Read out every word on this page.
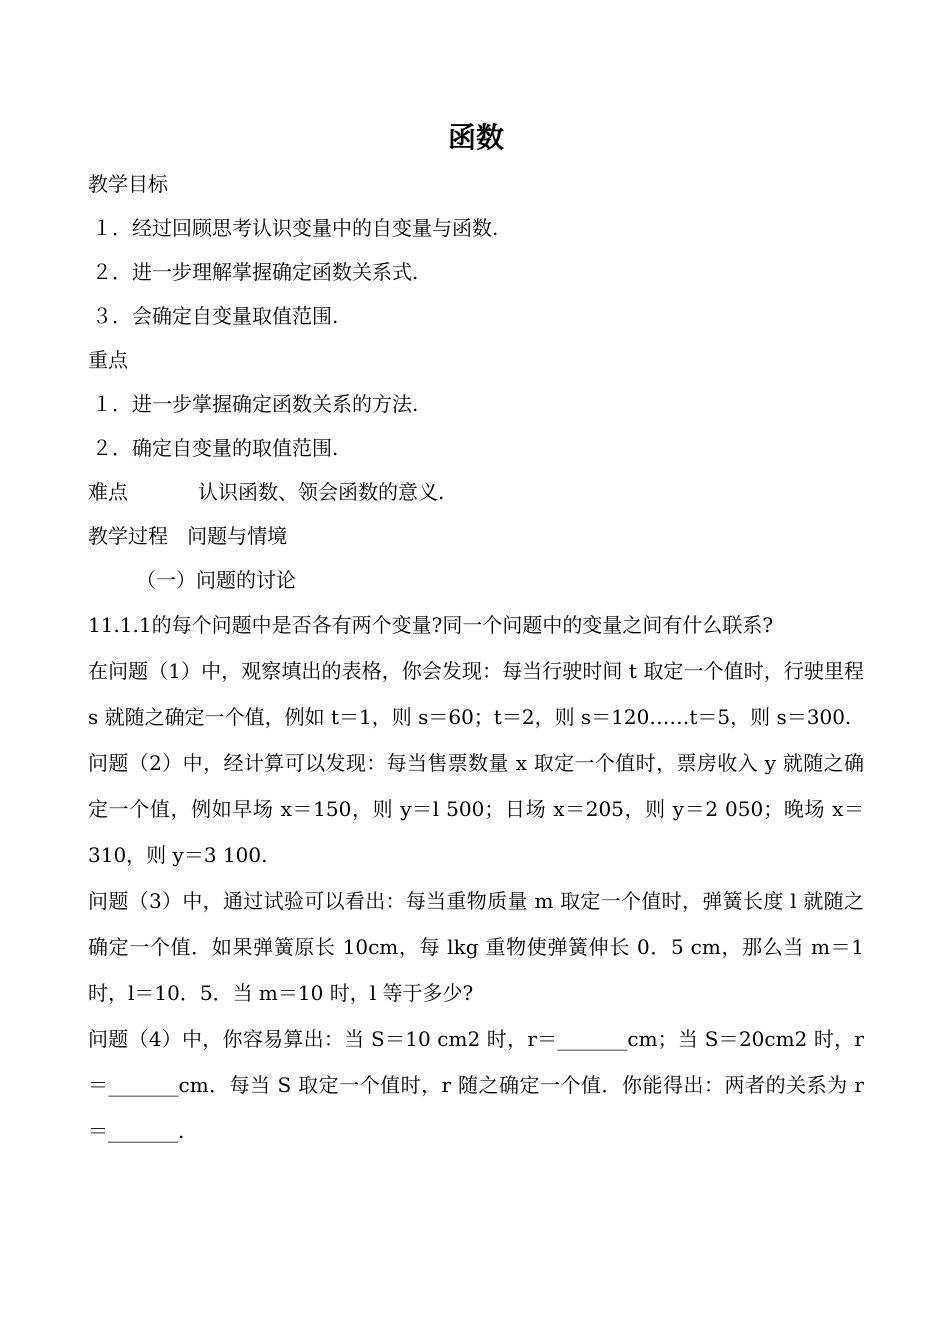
函数

教学目标

１．经过回顾思考认识变量中的自变量与函数.

２．进一步理解掌握确定函数关系式.

３．会确定自变量取值范围.

重点

１．进一步掌握确定函数关系的方法.

２．确定自变量的取值范围.

难点	认识函数、领会函数的意义.

教学过程 问题与情境

（一）问题的讨论

11.1.1的每个问题中是否各有两个变量?同一个问题中的变量之间有什么联系?

在问题（1）中，观察填出的表格，你会发现：每当行驶时间 t 取定一个值时，行驶里程 s 就随之确定一个值，例如 t＝1，则 s＝60；t＝2，则 s＝120……t＝5，则 s＝300.

问题（2）中，经计算可以发现：每当售票数量 x 取定一个值时，票房收入 y 就随之确定一个值，例如早场 x＝150，则 y＝l 500；日场 x＝205，则 y＝2 050；晚场 x＝310，则 y＝3 100.

问题（3）中，通过试验可以看出：每当重物质量 m 取定一个值时，弹簧长度 l 就随之确定一个值．如果弹簧原长 10cm，每 lkg 重物使弹簧伸长 0．5 cm，那么当 m＝1 时，l＝10．5．当 m＝10 时，l 等于多少?

问题（4）中，你容易算出：当 S＝10 cm2 时，r＝_______cm；当 S＝20cm2 时，r＝_______cm．每当 S 取定一个值时，r 随之确定一个值．你能得出：两者的关系为 r＝_______.
